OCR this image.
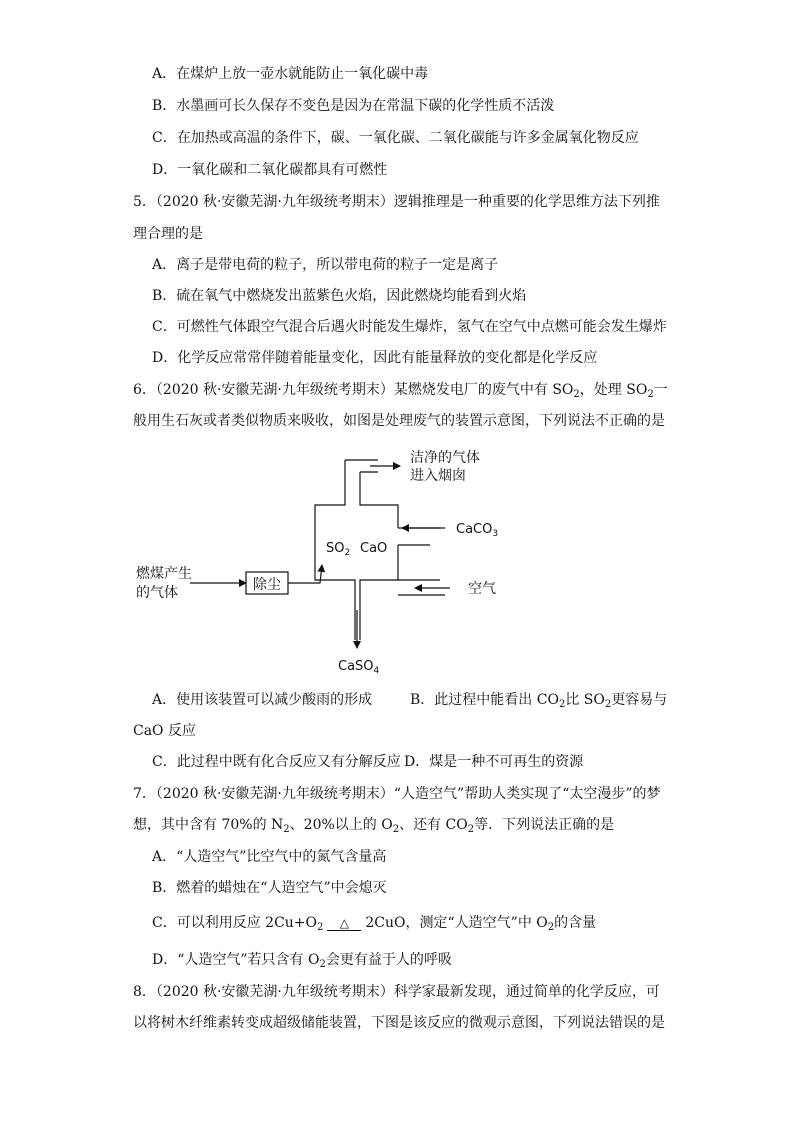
A．在煤炉上放一壶水就能防止一氧化碳中毒
B．水墨画可长久保存不变色是因为在常温下碳的化学性质不活泼
C．在加热或高温的条件下，碳、一氧化碳、二氧化碳能与许多金属氧化物反应
D．一氧化碳和二氧化碳都具有可燃性
5．（2020 秋·安徽芜湖·九年级统考期末）逻辑推理是一种重要的化学思维方法下列推
理合理的是
A．离子是带电荷的粒子，所以带电荷的粒子一定是离子
B．硫在氧气中燃烧发出蓝紫色火焰，因此燃烧均能看到火焰
C．可燃性气体跟空气混合后遇火时能发生爆炸，氢气在空气中点燃可能会发生爆炸
D．化学反应常常伴随着能量变化，因此有能量释放的变化都是化学反应
6．（2020 秋·安徽芜湖·九年级统考期末）某燃烧发电厂的废气中有 $SO_2$，处理 $SO_2$一
般用生石灰或者类似物质来吸收，如图是处理废气的装置示意图，下列说法不正确的是
洁净的气体
进入烟囱
CaCO$_3$
$SO_2$ CaO
燃煤产生
的气体	除尘	空气
CaSO$_4$
A．使用该装置可以减少酸雨的形成	B．此过程中能看出 $CO_2$比 $SO_2$更容易与
CaO 反应
C．此过程中既有化合反应又有分解反应 D．煤是一种不可再生的资源
7．（2020 秋·安徽芜湖·九年级统考期末）“人造空气”帮助人类实现了“太空漫步”的梦
想，其中含有 70%的 $N_2$、20%以上的 $O_2$、还有 $CO_2$等．下列说法正确的是
A．“人造空气”比空气中的氮气含量高
B．燃着的蜡烛在“人造空气”中会熄灭
C．可以利用反应 $2Cu+O_2$ △ 2CuO，测定“人造空气”中 $O_2$的含量
D．“人造空气”若只含有 $O_2$会更有益于人的呼吸
8．（2020 秋·安徽芜湖·九年级统考期末）科学家最新发现，通过简单的化学反应，可
以将树木纤维素转变成超级储能装置，下图是该反应的微观示意图，下列说法错误的是
